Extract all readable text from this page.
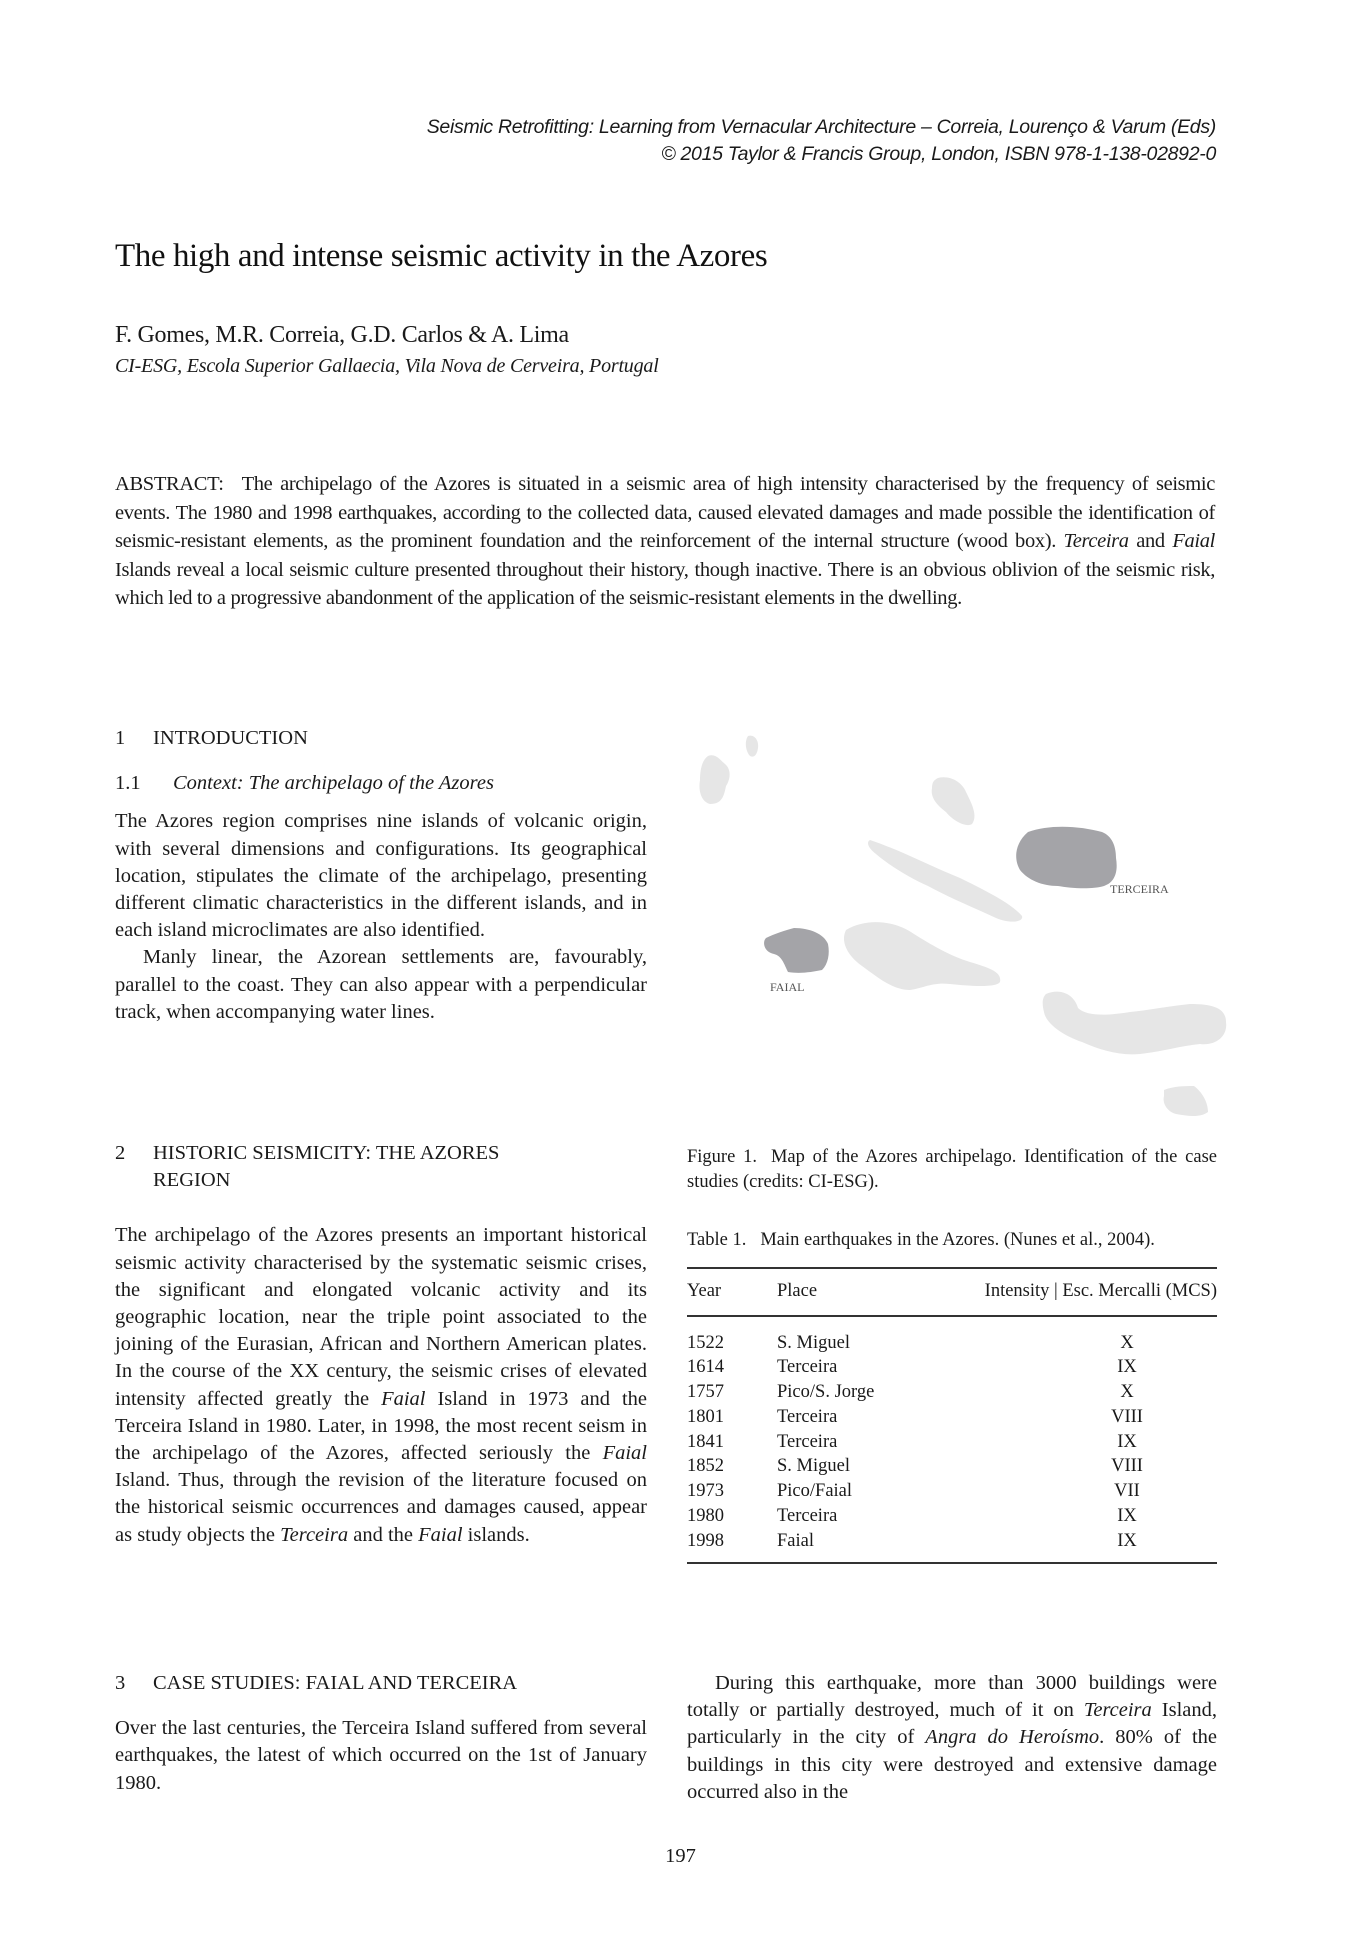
Seismic Retrofitting: Learning from Vernacular Architecture – Correia, Lourenço & Varum (Eds)
© 2015 Taylor & Francis Group, London, ISBN 978-1-138-02892-0
The high and intense seismic activity in the Azores
F. Gomes, M.R. Correia, G.D. Carlos & A. Lima
CI-ESG, Escola Superior Gallaecia, Vila Nova de Cerveira, Portugal
ABSTRACT: The archipelago of the Azores is situated in a seismic area of high intensity characterised by the frequency of seismic events. The 1980 and 1998 earthquakes, according to the collected data, caused elevated damages and made possible the identification of seismic-resistant elements, as the prominent foundation and the reinforcement of the internal structure (wood box). Terceira and Faial Islands reveal a local seismic culture presented throughout their history, though inactive. There is an obvious oblivion of the seismic risk, which led to a progressive abandonment of the application of the seismic-resistant elements in the dwelling.

1 INTRODUCTION

1.1 Context: The archipelago of the Azores

The Azores region comprises nine islands of volcanic origin, with several dimensions and configurations. Its geographical location, stipulates the climate of the archipelago, presenting different climatic characteristics in the different islands, and in each island microclimates are also identified.

Manly linear, the Azorean settlements are, favourably, parallel to the coast. They can also appear with a perpendicular track, when accompanying water lines.

2 HISTORIC SEISMICITY: THE AZORES

REGION

The archipelago of the Azores presents an important historical seismic activity characterised by the systematic seismic crises, the significant and elongated volcanic activity and its geographic location, near the triple point associated to the joining of the Eurasian, African and Northern American plates. In the course of the XX century, the seismic crises of elevated intensity affected greatly the Faial Island in 1973 and the Terceira Island in 1980. Later, in 1998, the most recent seism in the archipelago of the Azores, affected seriously the Faial Island. Thus, through the revision of the literature focused on the historical seismic occurrences and damages caused, appear as study objects the Terceira and the Faial islands.

3 CASE STUDIES: FAIAL AND TERCEIRA

Over the last centuries, the Terceira Island suffered from several earthquakes, the latest of which occurred on the 1st of January 1980.

TERCEIRA
FAIAL

Figure 1. Map of the Azores archipelago. Identification of the case studies (credits: CI-ESG).

Table 1. Main earthquakes in the Azores. (Nunes et al., 2004).

Year	Place	Intensity | Esc. Mercalli (MCS)
1522	S. Miguel	X
1614	Terceira	IX
1757	Pico/S. Jorge	X
1801	Terceira	VIII
1841	Terceira	IX
1852	S. Miguel	VIII
1973	Pico/Faial	VII
1980	Terceira	IX
1998	Faial	IX

During this earthquake, more than 3000 buildings were totally or partially destroyed, much of it on Terceira Island, particularly in the city of Angra do Heroísmo. 80% of the buildings in this city were destroyed and extensive damage occurred also in the

197
